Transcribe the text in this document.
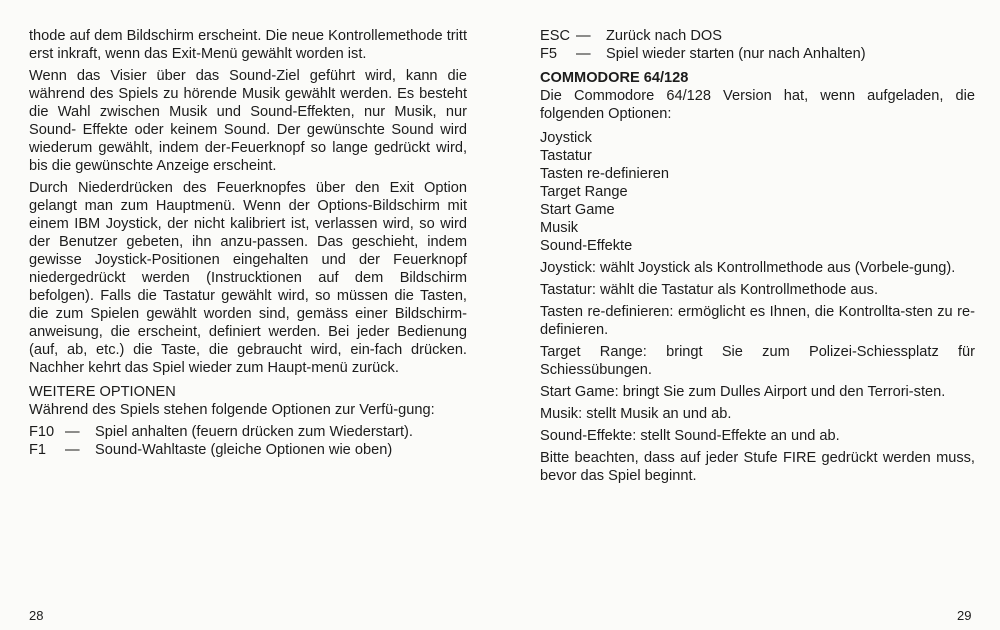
thode auf dem Bildschirm erscheint. Die neue Kontrollemethode tritt erst inkraft, wenn das Exit-Menü gewählt worden ist.

Wenn das Visier über das Sound-Ziel geführt wird, kann die während des Spiels zu hörende Musik gewählt werden. Es besteht die Wahl zwischen Musik und Sound-Effekten, nur Musik, nur Sound- Effekte oder keinem Sound. Der gewünschte Sound wird wiederum gewählt, indem der-Feuerknopf so lange gedrückt wird, bis die gewünschte Anzeige erscheint.

Durch Niederdrücken des Feuerknopfes über den Exit Option gelangt man zum Hauptmenü. Wenn der Options-Bildschirm mit einem IBM Joystick, der nicht kalibriert ist, verlassen wird, so wird der Benutzer gebeten, ihn anzu-passen. Das geschieht, indem gewisse Joystick-Positionen eingehalten und der Feuerknopf niedergedrückt werden (Instrucktionen auf dem Bildschirm befolgen). Falls die Tastatur gewählt wird, so müssen die Tasten, die zum Spielen gewählt worden sind, gemäss einer Bildschirm-anweisung, die erscheint, definiert werden. Bei jeder Bedienung (auf, ab, etc.) die Taste, die gebraucht wird, ein-fach drücken. Nachher kehrt das Spiel wieder zum Haupt-menü zurück.

WEITERE OPTIONEN

Während des Spiels stehen folgende Optionen zur Verfü-gung:

F10 —	Spiel anhalten (feuern drücken zum Wiederstart).
F1	—	Sound-Wahltaste (gleiche Optionen wie oben)
28
ESC —	Zurück nach DOS
F5	—	Spiel wieder starten (nur nach Anhalten)
COMMODORE 64/128

Die Commodore 64/128 Version hat, wenn aufgeladen, die folgenden Optionen:

Joystick
Tastatur
Tasten re-definieren
Target Range
Start Game
Musik
Sound-Effekte

Joystick: wählt Joystick als Kontrollmethode aus (Vorbele-gung).

Tastatur: wählt die Tastatur als Kontrollmethode aus.

Tasten re-definieren: ermöglicht es Ihnen, die Kontrollta-sten zu re-definieren.

Target Range: bringt Sie zum Polizei-Schiessplatz für Schiessübungen.

Start Game: bringt Sie zum Dulles Airport und den Terrori-sten.

Musik: stellt Musik an und ab.

Sound-Effekte: stellt Sound-Effekte an und ab.

Bitte beachten, dass auf jeder Stufe FIRE gedrückt werden muss, bevor das Spiel beginnt.

29
